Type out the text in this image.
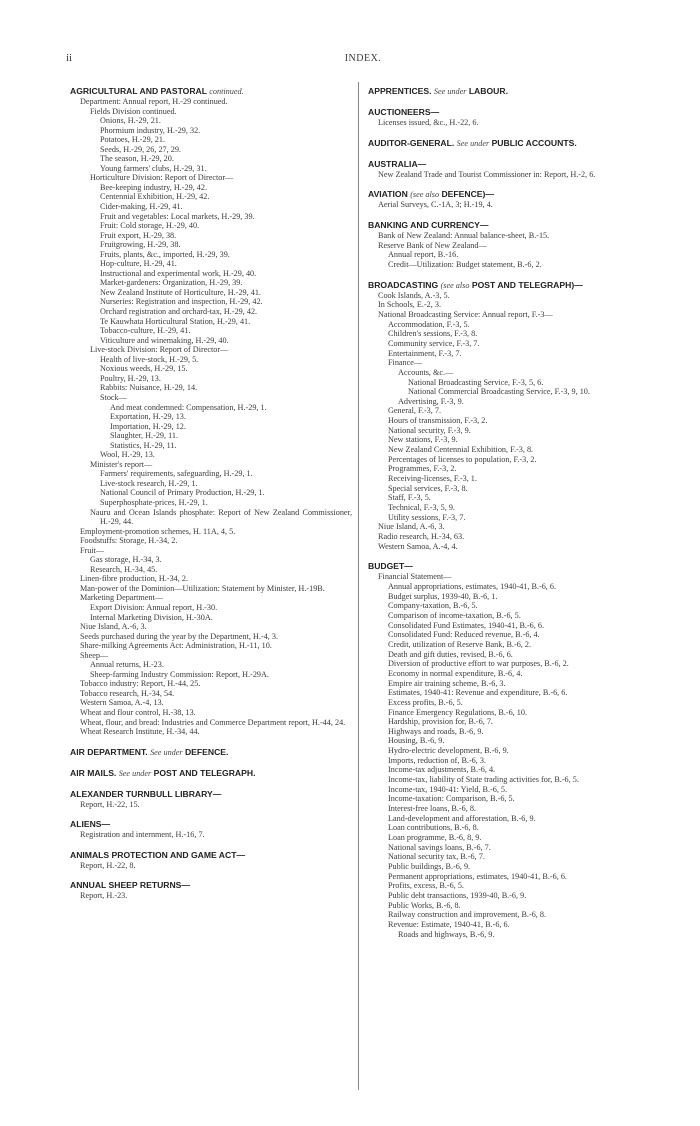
ii	INDEX.

AGRICULTURAL AND PASTORAL continued.

Department: Annual report, H.-29 continued.

Fields Division continued.

Onions, H.-29, 21.

Phormium industry, H.-29, 32.

Potatoes, H.-29, 21.

Seeds, H.-29, 26, 27, 29.

The season, H.-29, 20.

Young farmers' clubs, H.-29, 31.

Horticulture Division: Report of Director—

Bee-keeping industry, H.-29, 42.

Centennial Exhibition, H.-29, 42.

Cider-making, H.-29, 41.

Fruit and vegetables: Local markets, H.-29, 39.

Fruit: Cold storage, H.-29, 40.

Fruit export, H.-29, 38.

Fruitgrowing, H.-29, 38.

Fruits, plants, &c., imported, H.-29, 39.

Hop-culture, H.-29, 41.

Instructional and experimental work, H.-29, 40.

Market-gardeners: Organization, H.-29, 39.

New Zealand Institute of Horticulture, H.-29, 41.

Nurseries: Registration and inspection, H.-29, 42.

Orchard registration and orchard-tax, H.-29, 42.

Te Kauwhata Horticultural Station, H.-29, 41.

Tobacco-culture, H.-29, 41.

Viticulture and winemaking, H.-29, 40.

Live-stock Division: Report of Director—

Health of live-stock, H.-29, 5.

Noxious weeds, H.-29, 15.

Poultry, H.-29, 13.

Rabbits: Nuisance, H.-29, 14.

Stock—

And meat condemned: Compensation, H.-29, 1.

Exportation, H.-29, 13.

Importation, H.-29, 12.

Slaughter, H.-29, 11.

Statistics, H.-29, 11.

Wool, H.-29, 13.

Minister's report—

Farmers' requirements, safeguarding, H.-29, 1.

Live-stock research, H.-29, 1.

National Council of Primary Production, H.-29, 1.

Superphosphate-prices, H.-29, 1.

Nauru and Ocean Islands phosphate: Report of New Zealand Commissioner, H.-29, 44.

Employment-promotion schemes, H. 11A, 4, 5.

Foodstuffs: Storage, H.-34, 2.

Fruit—

Gas storage, H.-34, 3.

Research, H.-34, 45.

Linen-fibre production, H.-34, 2.

Man-power of the Dominion—Utilization: Statement by Minister, H.-19B.

Marketing Department—

Export Division: Annual report, H.-30.

Internal Marketing Division, H.-30A.

Niue Island, A.-6, 3.

Seeds purchased during the year by the Department, H.-4, 3.

Share-milking Agreements Act: Administration, H.-11, 10.

Sheep—

Annual returns, H.-23.

Sheep-farming Industry Commission: Report, H.-29A.

Tobacco industry: Report, H.-44, 25.

Tobacco research, H.-34, 54.

Western Samoa, A.-4, 13.

Wheat and flour control, H.-38, 13.

Wheat, flour, and bread: Industries and Commerce Department report, H.-44, 24.

Wheat Research Institute, H.-34, 44.

AIR DEPARTMENT. See under DEFENCE.

AIR MAILS. See under POST AND TELEGRAPH.

ALEXANDER TURNBULL LIBRARY—

Report, H.-22, 15.

ALIENS—

Registration and internment, H.-16, 7.

ANIMALS PROTECTION AND GAME ACT—

Report, H.-22, 8.

ANNUAL SHEEP RETURNS—

Report, H.-23.

APPRENTICES. See under LABOUR.

AUCTIONEERS—

Licenses issued, &c., H.-22, 6.

AUDITOR-GENERAL. See under PUBLIC ACCOUNTS.

AUSTRALIA—

New Zealand Trade and Tourist Commissioner in: Report, H.-2, 6.

AVIATION (see also DEFENCE)—

Aerial Surveys, C.-1A, 3; H.-19, 4.

BANKING AND CURRENCY—

Bank of New Zealand: Annual balance-sheet, B.-15.

Reserve Bank of New Zealand—

Annual report, B.-16.

Credit—Utilization: Budget statement, B.-6, 2.

BROADCASTING (see also POST AND TELEGRAPH)—

Cook Islands, A.-3, 5.

In Schools, E.-2, 3.

National Broadcasting Service: Annual report, F.-3—

Accommodation, F.-3, 5.

Children's sessions, F.-3, 8.

Community service, F.-3, 7.

Entertainment, F.-3, 7.

Finance—

Accounts, &c.—

National Broadcasting Service, F.-3, 5, 6.

National Commercial Broadcasting Service, F.-3, 9, 10.

Advertising, F.-3, 9.

General, F.-3, 7.

Hours of transmission, F.-3, 2.

National security, F.-3, 9.

New stations, F.-3, 9.

New Zealand Centennial Exhibition, F.-3, 8.

Percentages of licenses to population, F.-3, 2.

Programmes, F.-3, 2.

Receiving-licenses, F.-3, 1.

Special services, F.-3, 8.

Staff, F.-3, 5.

Technical, F.-3, 5, 9.

Utility sessions, F.-3, 7.

Niue Island, A.-6, 3.

Radio research, H.-34, 63.

Western Samoa, A.-4, 4.

BUDGET—

Financial Statement—

Annual appropriations, estimates, 1940-41, B.-6, 6.

Budget surplus, 1939-40, B.-6, 1.

Company-taxation, B.-6, 5.

Comparison of income-taxation, B.-6, 5.

Consolidated Fund Estimates, 1940-41, B.-6, 6.

Consolidated Fund: Reduced revenue, B.-6, 4.

Credit, utilization of Reserve Bank, B.-6, 2.

Death and gift duties, revised, B.-6, 6.

Diversion of productive effort to war purposes, B.-6, 2.

Economy in normal expenditure, B.-6, 4.

Empire air training scheme, B.-6, 3.

Estimates, 1940-41: Revenue and expenditure, B.-6, 6.

Excess profits, B.-6, 5.

Finance Emergency Regulations, B.-6, 10.

Hardship, provision for, B.-6, 7.

Highways and roads, B.-6, 9.

Housing, B.-6, 9.

Hydro-electric development, B.-6, 9.

Imports, reduction of, B.-6, 3.

Income-tax adjustments, B.-6, 4.

Income-tax, liability of State trading activities for, B.-6, 5.

Income-tax, 1940-41: Yield, B.-6, 5.

Income-taxation: Comparison, B.-6, 5.

Interest-free loans, B.-6, 8.

Land-development and afforestation, B.-6, 9.

Loan contributions, B.-6, 8.

Loan programme, B.-6, 8, 9.

National savings loans, B.-6, 7.

National security tax, B.-6, 7.

Public buildings, B.-6, 9.

Permanent appropriations, estimates, 1940-41, B.-6, 6.

Profits, excess, B.-6, 5.

Public debt transactions, 1939-40, B.-6, 9.

Public Works, B.-6, 8.

Railway construction and improvement, B.-6, 8.

Revenue: Estimate, 1940-41, B.-6, 6.

Roads and highways, B.-6, 9.
